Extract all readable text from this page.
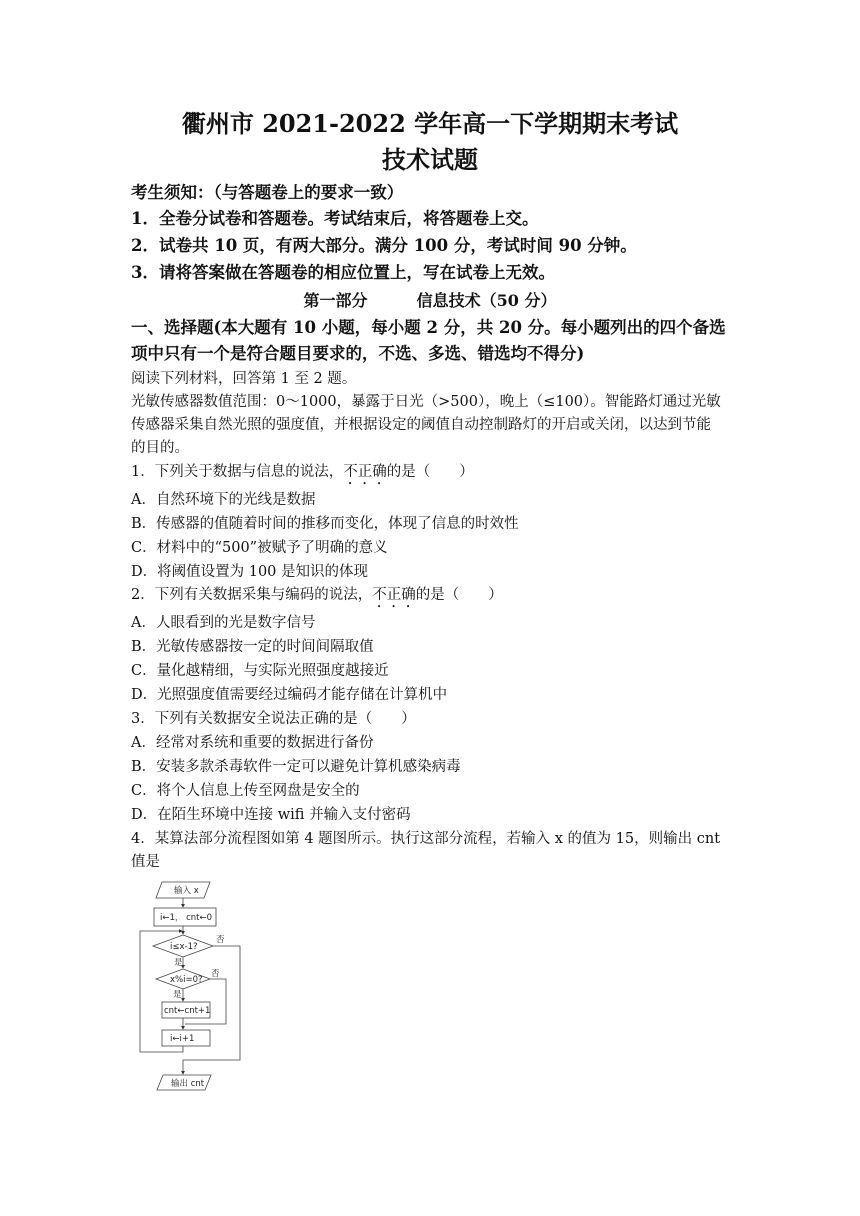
衢州市 2021-2022 学年高一下学期期末考试
技术试题
考生须知：（与答题卷上的要求一致）
1．全卷分试卷和答题卷。考试结束后，将答题卷上交。
2．试卷共 10 页，有两大部分。满分 100 分，考试时间 90 分钟。
3．请将答案做在答题卷的相应位置上，写在试卷上无效。
第一部分	信息技术（50 分）
一、选择题(本大题有 10 小题，每小题 2 分，共 20 分。每小题列出的四个备选
项中只有一个是符合题目要求的，不选、多选、错选均不得分)
阅读下列材料，回答第 1 至 2 题。
光敏传感器数值范围：0～1000，暴露于日光（>500），晚上（≤100）。智能路灯通过光敏
传感器采集自然光照的强度值，并根据设定的阈值自动控制路灯的开启或关闭，以达到节能
的目的。
1．下列关于数据与信息的说法，不正确的是（　　）
A．自然环境下的光线是数据
B．传感器的值随着时间的推移而变化，体现了信息的时效性
C．材料中的“500”被赋予了明确的意义
D．将阈值设置为 100 是知识的体现
2．下列有关数据采集与编码的说法，不正确的是（　　）
A．人眼看到的光是数字信号
B．光敏传感器按一定的时间间隔取值
C．量化越精细，与实际光照强度越接近
D．光照强度值需要经过编码才能存储在计算机中
3．下列有关数据安全说法正确的是（　　）
A．经常对系统和重要的数据进行备份
B．安装多款杀毒软件一定可以避免计算机感染病毒
C．将个人信息上传至网盘是安全的
D．在陌生环境中连接 wifi 并输入支付密码
4．某算法部分流程图如第 4 题图所示。执行这部分流程，若输入 x 的值为 15，则输出 cnt
值是
输入 x
i←1， cnt←0
i≤x-1?
否
是
x%i=0?
否
是
cnt←cnt+1
i←i+1
输出 cnt
